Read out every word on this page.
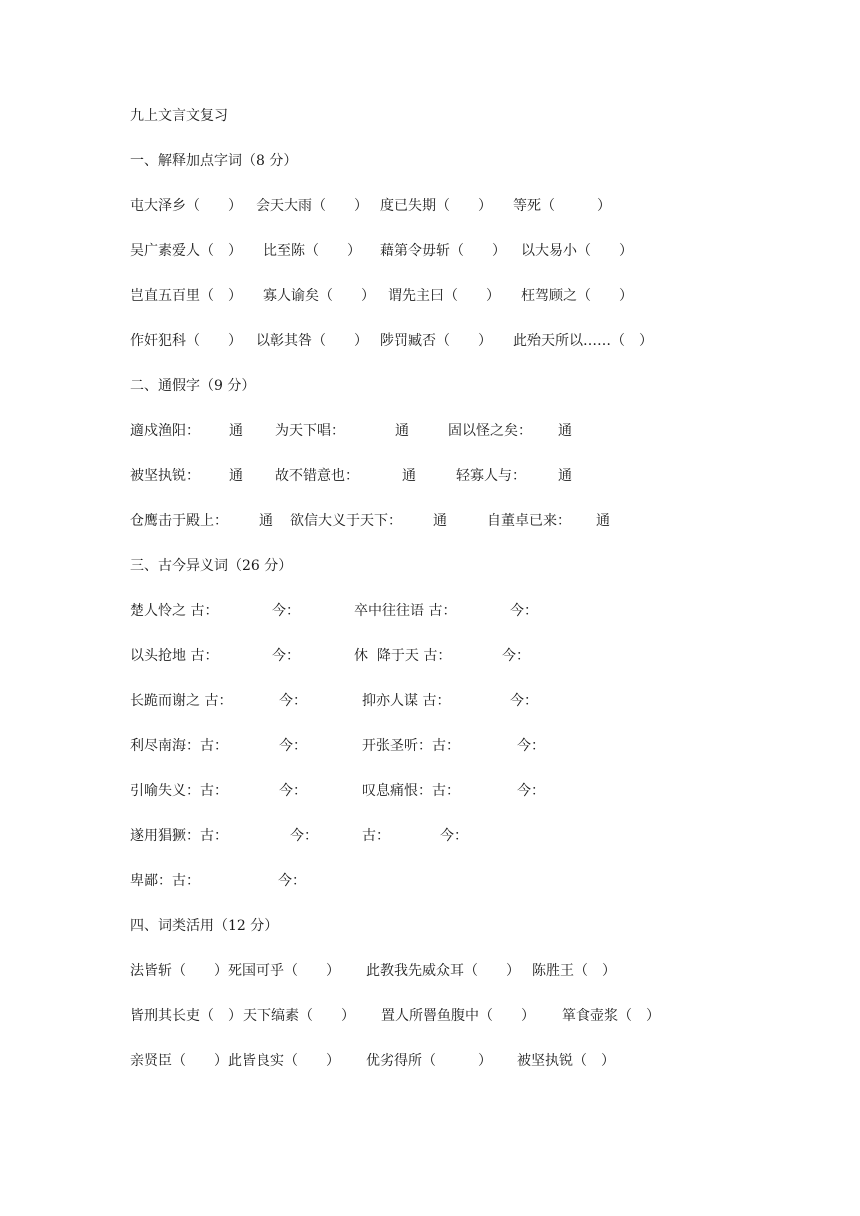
九上文言文复习
一、解释加点字词（8 分）
屯大泽乡（　　） 会天大雨（　　） 度已失期（　　） 等死（　　　）
吴广素爱人（　） 比至陈（　　） 藉第令毋斩（　　） 以大易小（　　）
岂直五百里（　） 寡人谕矣（　　） 谓先主曰（　　） 枉驾顾之（　　）
作奸犯科（　　） 以彰其咎（　　） 陟罚臧否（　　） 此殆天所以……（　）
二、通假字（9 分）
適戍渔阳： 通 为天下唱：	通	固以怪之矣： 通
被坚执锐： 通 故不错意也：	通	轻寡人与： 通
仓鹰击于殿上： 通 欲信大义于天下： 通	自董卓已来： 通
三、古今异义词（26 分）
楚人怜之 古：	今：	卒中往往语 古：	今：
以头抢地 古：	今：	休  降于天 古：	今：
长跪而谢之 古：	今：	抑亦人谋 古：	今：
利尽南海：古：	今：	开张圣听：古：	今：
引喻失义：古：	今：	叹息痛恨：古：	今：
遂用猖獗：古：	今：	古：	今：
卑鄙：古：	今：
四、词类活用（12 分）
法皆斩（　　） 死国可乎（　　） 此教我先威众耳（　　） 陈胜王（　）
皆刑其长吏（　） 天下缟素（　　） 置人所罾鱼腹中（　　） 箪食壶浆（　）
亲贤臣（　　） 此皆良实（　　） 优劣得所（　　　） 被坚执锐（　）
